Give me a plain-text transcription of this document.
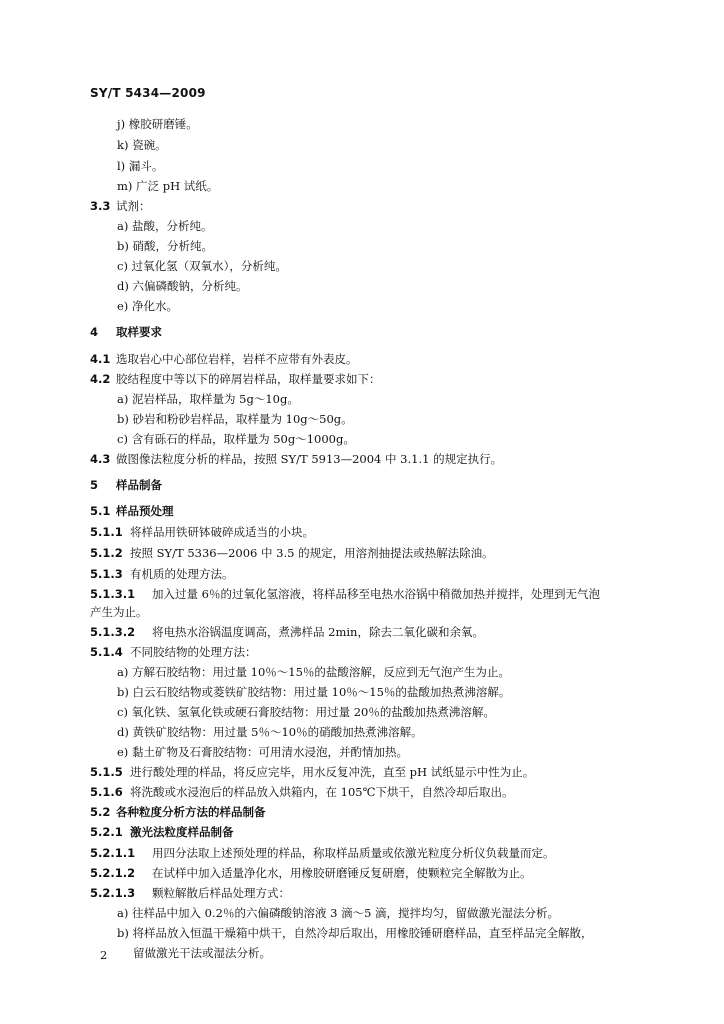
SY/T 5434—2009
j) 橡胶研磨锤。
k) 瓷碗。
l) 漏斗。
m) 广泛 pH 试纸。
3.3 试剂：
a) 盐酸，分析纯。
b) 硝酸，分析纯。
c) 过氧化氢（双氧水），分析纯。
d) 六偏磷酸钠，分析纯。
e) 净化水。
4 取样要求
4.1 选取岩心中心部位岩样，岩样不应带有外表皮。
4.2 胶结程度中等以下的碎屑岩样品，取样量要求如下：
a) 泥岩样品，取样量为 5g～10g。
b) 砂岩和粉砂岩样品，取样量为 10g～50g。
c) 含有砾石的样品，取样量为 50g～1000g。
4.3 做图像法粒度分析的样品，按照 SY/T 5913—2004 中 3.1.1 的规定执行。
5 样品制备
5.1 样品预处理
5.1.1 将样品用铁研钵破碎成适当的小块。
5.1.2 按照 SY/T 5336—2006 中 3.5 的规定，用溶剂抽提法或热解法除油。
5.1.3 有机质的处理方法。
5.1.3.1 加入过量 6％的过氧化氢溶液，将样品移至电热水浴锅中稍微加热并搅拌，处理到无气泡
产生为止。
5.1.3.2 将电热水浴锅温度调高，煮沸样品 2min，除去二氧化碳和余氧。
5.1.4 不同胶结物的处理方法：
a) 方解石胶结物：用过量 10％～15％的盐酸溶解，反应到无气泡产生为止。
b) 白云石胶结物或菱铁矿胶结物：用过量 10％～15％的盐酸加热煮沸溶解。
c) 氧化铁、氢氧化铁或硬石膏胶结物：用过量 20％的盐酸加热煮沸溶解。
d) 黄铁矿胶结物：用过量 5％～10％的硝酸加热煮沸溶解。
e) 黏土矿物及石膏胶结物：可用清水浸泡，并酌情加热。
5.1.5 进行酸处理的样品，将反应完毕，用水反复冲洗，直至 pH 试纸显示中性为止。
5.1.6 将洗酸或水浸泡后的样品放入烘箱内，在 105℃下烘干，自然冷却后取出。
5.2 各种粒度分析方法的样品制备
5.2.1 激光法粒度样品制备
5.2.1.1 用四分法取上述预处理的样品，称取样品质量或依激光粒度分析仪负载量而定。
5.2.1.2 在试样中加入适量净化水，用橡胶研磨锤反复研磨，使颗粒完全解散为止。
5.2.1.3 颗粒解散后样品处理方式：
a) 往样品中加入 0.2％的六偏磷酸钠溶液 3 滴～5 滴，搅拌均匀，留做激光湿法分析。
b) 将样品放入恒温干燥箱中烘干，自然冷却后取出，用橡胶锤研磨样品，直至样品完全解散，
留做激光干法或湿法分析。
2
